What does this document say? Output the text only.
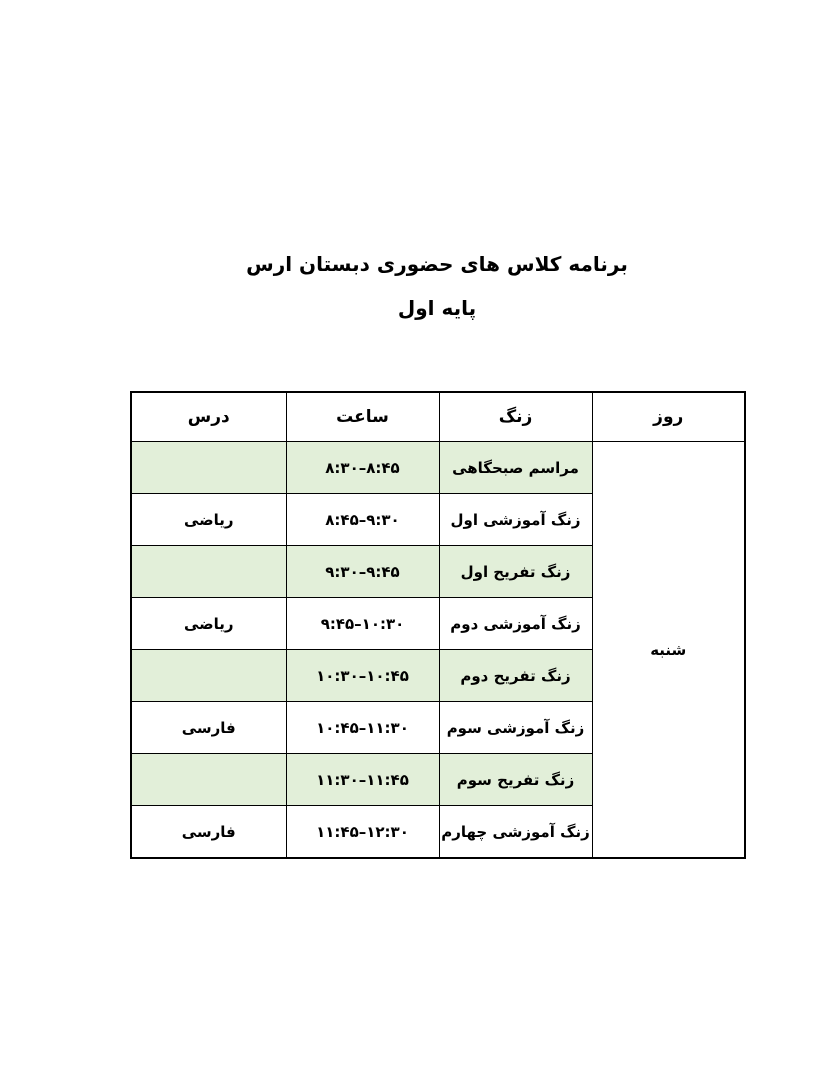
برنامه کلاس های حضوری دبستان ارس
پایه اول
روز	زنگ	ساعت	درس
شنبه	مراسم صبحگاهی	۸:۳۰–۸:۴۵	
	زنگ آموزشی اول	۸:۴۵–۹:۳۰	ریاضی
	زنگ تفریح اول	۹:۳۰–۹:۴۵	
	زنگ آموزشی دوم	۹:۴۵–۱۰:۳۰	ریاضی
	زنگ تفریح دوم	۱۰:۳۰–۱۰:۴۵	
	زنگ آموزشی سوم	۱۰:۴۵–۱۱:۳۰	فارسی
	زنگ تفریح سوم	۱۱:۳۰–۱۱:۴۵	
	زنگ آموزشی چهارم	۱۱:۴۵–۱۲:۳۰	فارسی
